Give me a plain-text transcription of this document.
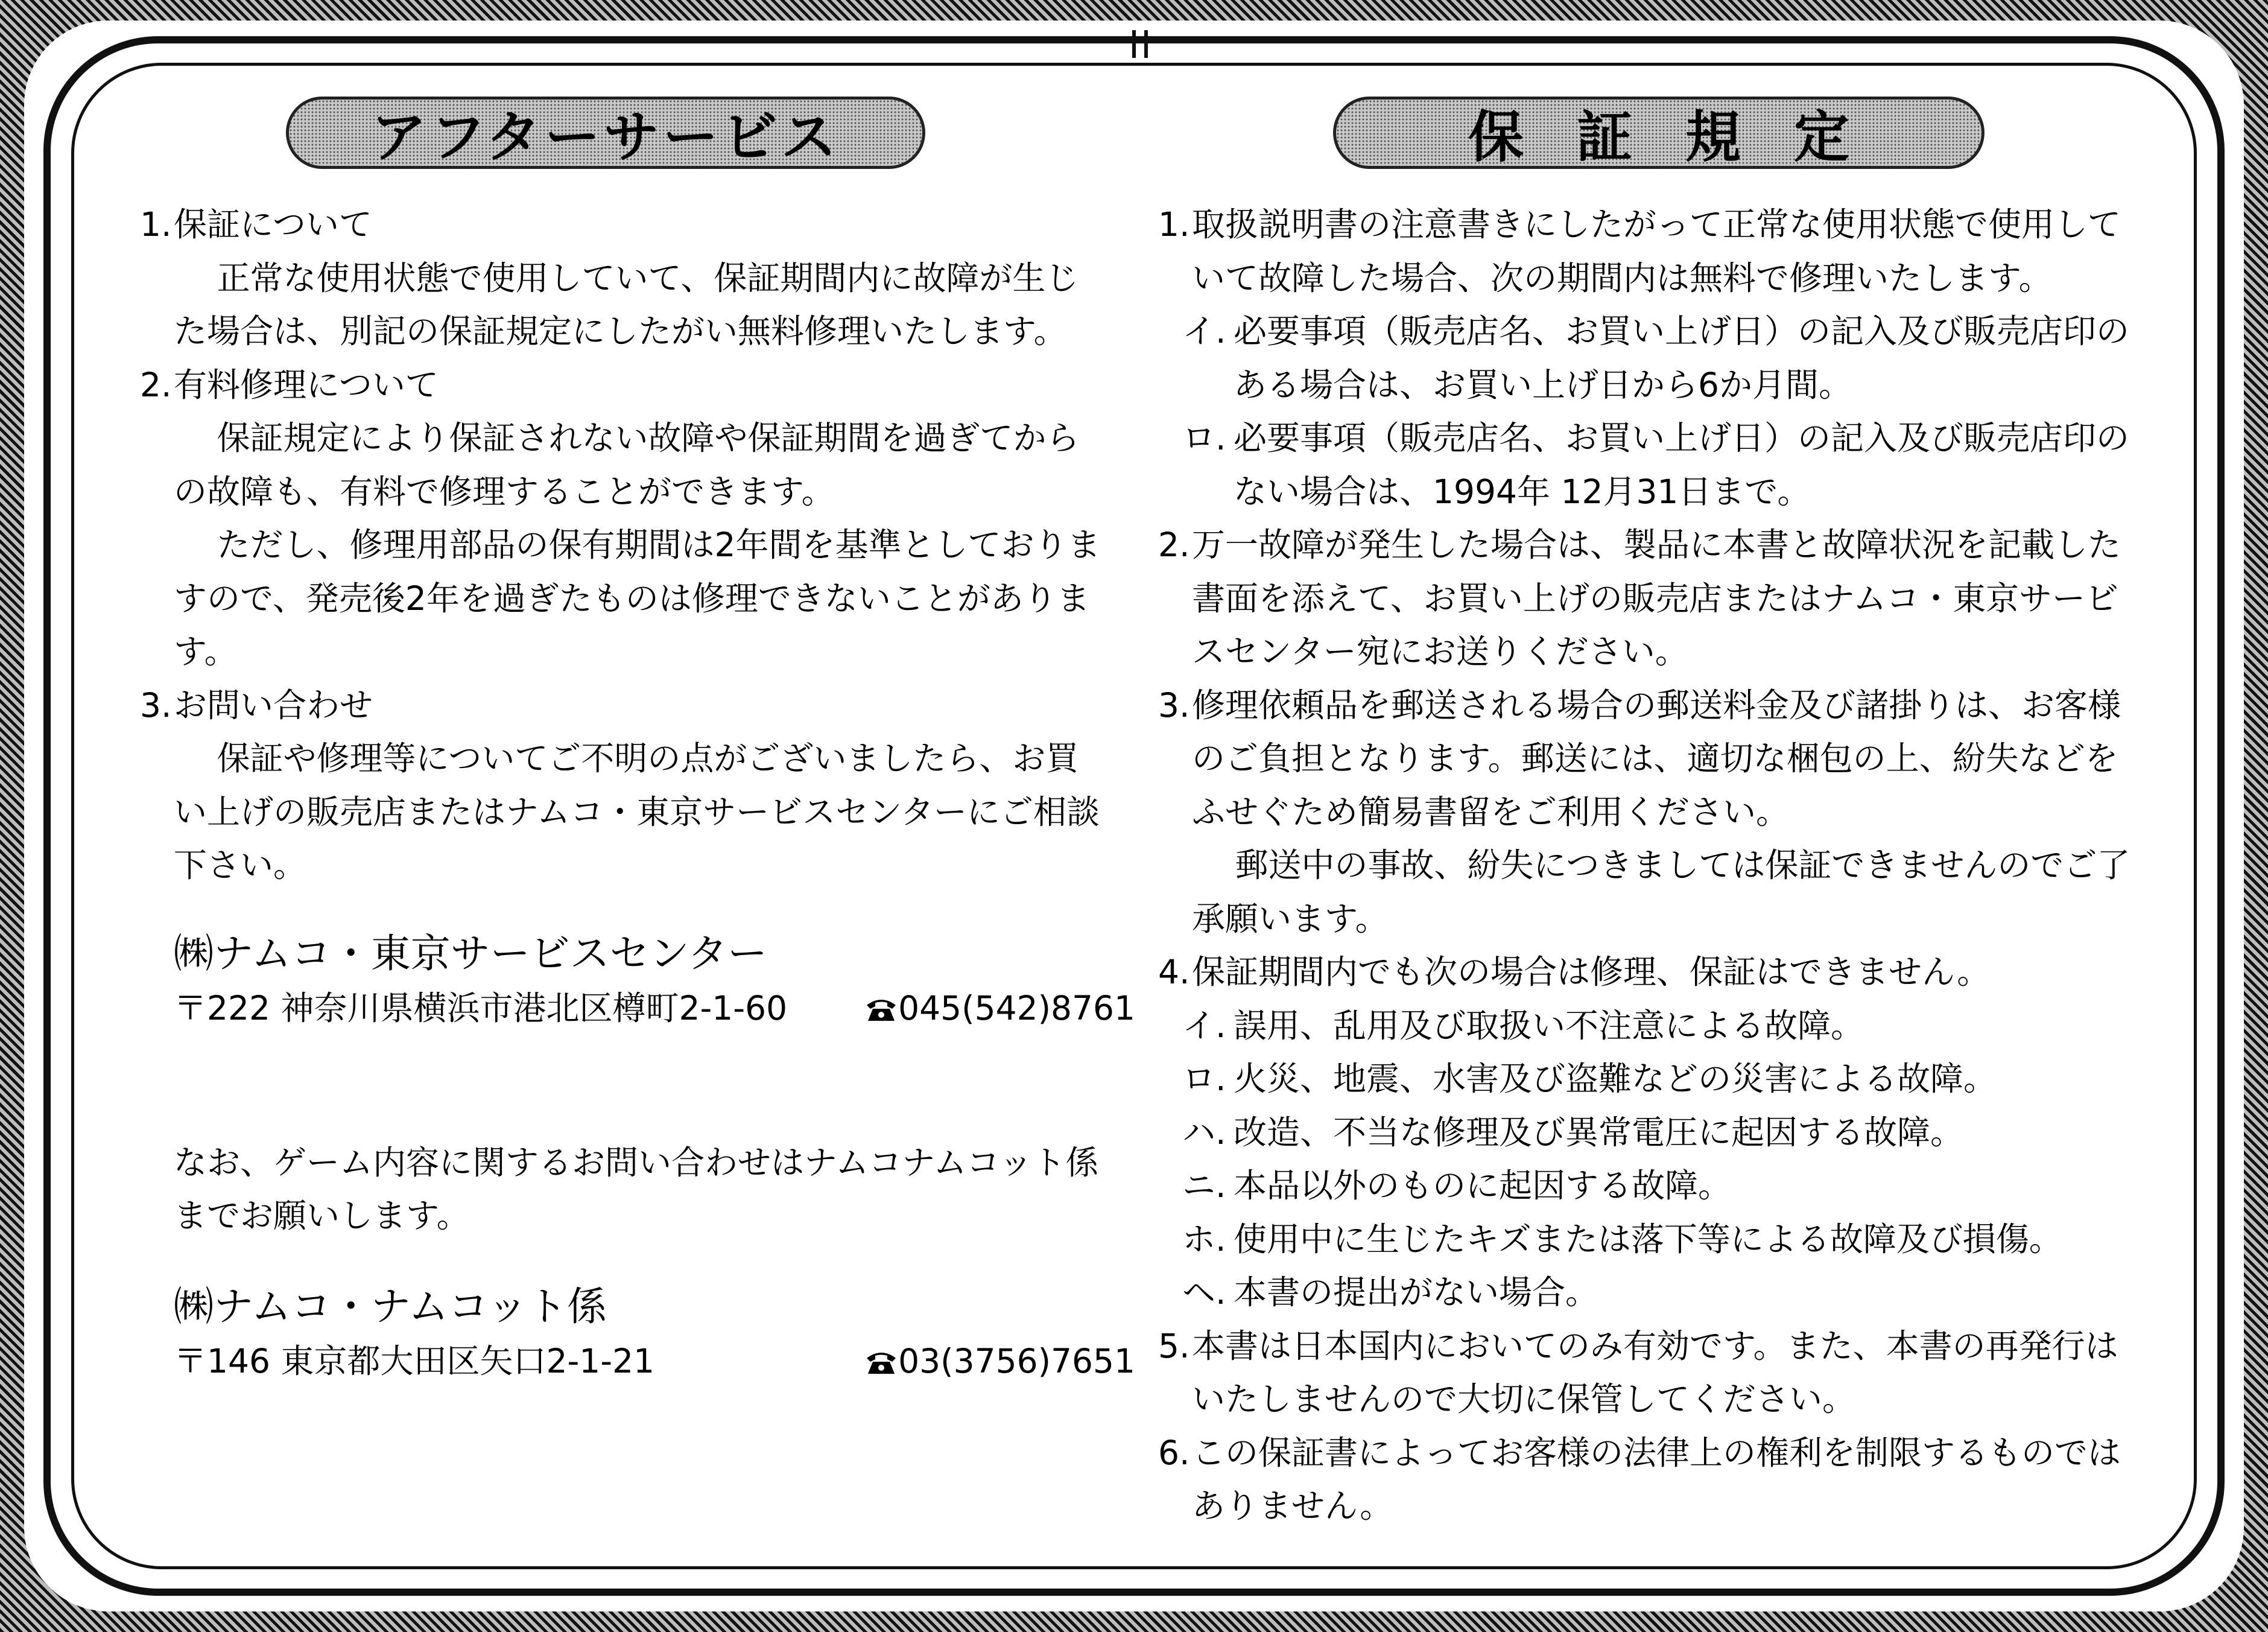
アフターサービス	保証規定
1. 保証について
正常な使用状態で使用していて、保証期間内に故障が生じた場合は、別記の保証規定にしたがい無料修理いたします。
2. 有料修理について
保証規定により保証されない故障や保証期間を過ぎてからの故障も、有料で修理することができます。
ただし、修理用部品の保有期間は2年間を基準としておりますので、発売後2年を過ぎたものは修理できないことがあります。
3. お問い合わせ
保証や修理等についてご不明の点がございましたら、お買い上げの販売店またはナムコ・東京サービスセンターにご相談下さい。
㈱ナムコ・東京サービスセンター
〒222 神奈川県横浜市港北区樽町2-1-60	045(542)8761
なお、ゲーム内容に関するお問い合わせはナムコナムコット係までお願いします。
㈱ナムコ・ナムコット係
〒146 東京都大田区矢口2-1-21	03(3756)7651
1. 取扱説明書の注意書きにしたがって正常な使用状態で使用していて故障した場合、次の期間内は無料で修理いたします。
イ. 必要事項（販売店名、お買い上げ日）の記入及び販売店印のある場合は、お買い上げ日から6か月間。
ロ. 必要事項（販売店名、お買い上げ日）の記入及び販売店印のない場合は、1994年 12月31日まで。
2. 万一故障が発生した場合は、製品に本書と故障状況を記載した書面を添えて、お買い上げの販売店またはナムコ・東京サービスセンター宛にお送りください。
3. 修理依頼品を郵送される場合の郵送料金及び諸掛りは、お客様のご負担となります。郵送には、適切な梱包の上、紛失などをふせぐため簡易書留をご利用ください。
郵送中の事故、紛失につきましては保証できませんのでご了承願います。
4. 保証期間内でも次の場合は修理、保証はできません。
イ. 誤用、乱用及び取扱い不注意による故障。
ロ. 火災、地震、水害及び盗難などの災害による故障。
ハ. 改造、不当な修理及び異常電圧に起因する故障。
ニ. 本品以外のものに起因する故障。
ホ. 使用中に生じたキズまたは落下等による故障及び損傷。
ヘ. 本書の提出がない場合。
5. 本書は日本国内においてのみ有効です。また、本書の再発行はいたしませんので大切に保管してください。
6. この保証書によってお客様の法律上の権利を制限するものではありません。
